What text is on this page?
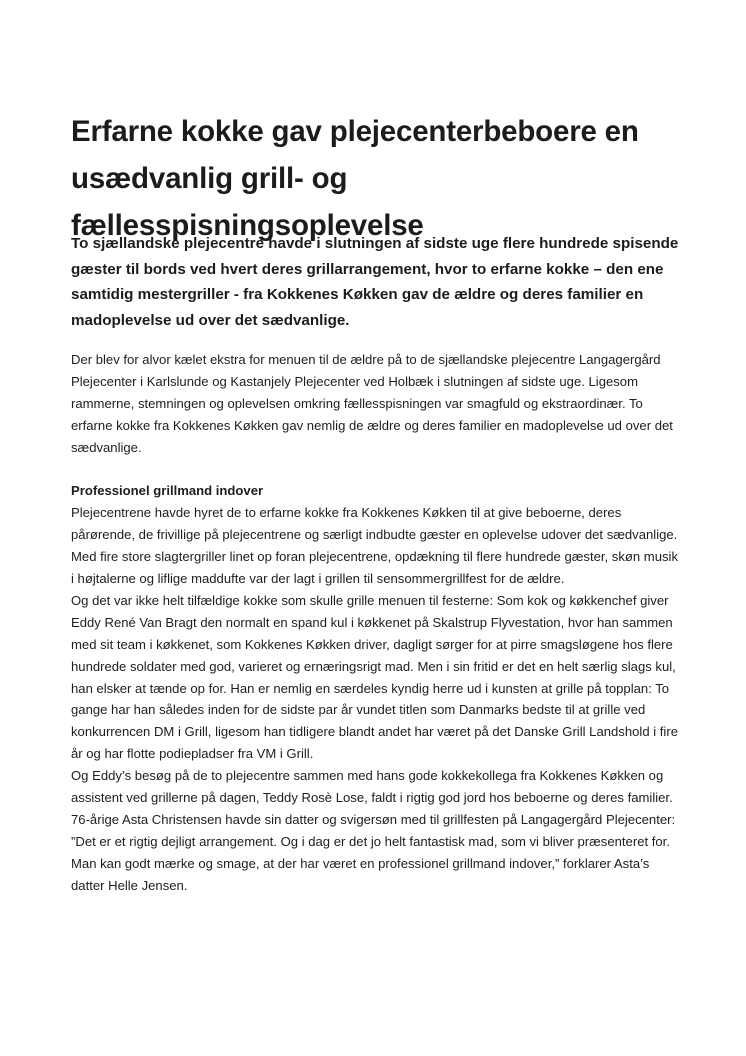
Erfarne kokke gav plejecenterbeboere en usædvanlig grill- og fællesspisningsoplevelse

To sjællandske plejecentre havde i slutningen af sidste uge flere hundrede spisende gæster til bords ved hvert deres grillarrangement, hvor to erfarne kokke – den ene samtidig mestergriller - fra Kokkenes Køkken gav de ældre og deres familier en madoplevelse ud over det sædvanlige.

Der blev for alvor kælet ekstra for menuen til de ældre på to de sjællandske plejecentre Langagergård Plejecenter i Karlslunde og Kastanjely Plejecenter ved Holbæk i slutningen af sidste uge. Ligesom rammerne, stemningen og oplevelsen omkring fællesspisningen var smagfuld og ekstraordinær. To erfarne kokke fra Kokkenes Køkken gav nemlig de ældre og deres familier en madoplevelse ud over det sædvanlige.

Professionel grillmand indover

Plejecentrene havde hyret de to erfarne kokke fra Kokkenes Køkken til at give beboerne, deres pårørende, de frivillige på plejecentrene og særligt indbudte gæster en oplevelse udover det sædvanlige. Med fire store slagtergriller linet op foran plejecentrene, opdækning til flere hundrede gæster, skøn musik i højtalerne og liflige maddufte var der lagt i grillen til sensommergrillfest for de ældre.

Og det var ikke helt tilfældige kokke som skulle grille menuen til festerne: Som kok og køkkenchef giver Eddy René Van Bragt den normalt en spand kul i køkkenet på Skalstrup Flyvestation, hvor han sammen med sit team i køkkenet, som Kokkenes Køkken driver, dagligt sørger for at pirre smagsløgene hos flere hundrede soldater med god, varieret og ernæringsrigt mad. Men i sin fritid er det en helt særlig slags kul, han elsker at tænde op for. Han er nemlig en særdeles kyndig herre ud i kunsten at grille på topplan: To gange har han således inden for de sidste par år vundet titlen som Danmarks bedste til at grille ved konkurrencen DM i Grill, ligesom han tidligere blandt andet har været på det Danske Grill Landshold i fire år og har flotte podiepladser fra VM i Grill.

Og Eddy’s besøg på de to plejecentre sammen med hans gode kokkekollega fra Kokkenes Køkken og assistent ved grillerne på dagen, Teddy Rosè Lose, faldt i rigtig god jord hos beboerne og deres familier. 76-årige Asta Christensen havde sin datter og svigersøn med til grillfesten på Langagergård Plejecenter:

”Det er et rigtig dejligt arrangement. Og i dag er det jo helt fantastisk mad, som vi bliver præsenteret for. Man kan godt mærke og smage, at der har været en professionel grillmand indover,” forklarer Asta’s datter Helle Jensen.
